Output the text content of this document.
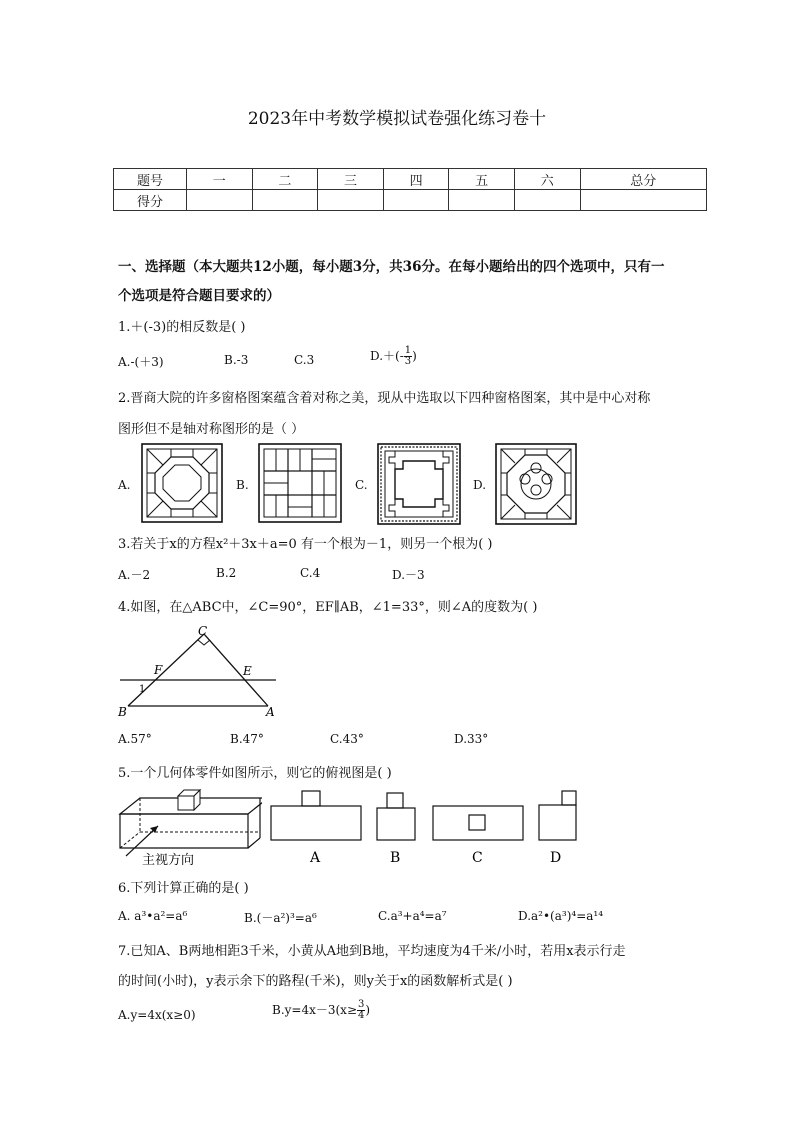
2023年中考数学模拟试卷强化练习卷十
题号	一	二	三	四	五	六	总分
得分							
一、选择题（本大题共12小题，每小题3分，共36分。在每小题给出的四个选项中，只有一
个选项是符合题目要求的）
1.＋(-3)的相反数是( )
A.-(＋3)	B.-3	C.3	$D.+(- \frac{1}{3}$ )
2.晋商大院的许多窗格图案蕴含着对称之美，现从中选取以下四种窗格图案，其中是中心对称
图形但不是轴对称图形的是（ ）
A.	B.	C.	D.
3.若关于x的方程x²＋3x＋a=0 有一个根为－1，则另一个根为( )
A.－2	B.2	C.4	D.－3
4.如图，在△ABC中，∠C=90°，EF∥AB，∠1=33°，则∠A的度数为( )
C
F	E
B	A
1
A.57°	B.47°	C.43°	D.33°
5.一个几何体零件如图所示，则它的俯视图是( )
主视方向	A	B	C	D
6.下列计算正确的是( )
A. a³•a²=a⁶	B.(－a²)³=a⁶	C.a³+a⁴=a⁷	D.a²•(a³)⁴=a¹⁴
7.已知A、B两地相距3千米，小黄从A地到B地，平均速度为4千米/小时，若用x表示行走
的时间(小时)，y表示余下的路程(千米)，则y关于x的函数解析式是( )
A.y=4x(x≥0)	$B.y=4x-3(x\ge \frac{3}{4}$ )
